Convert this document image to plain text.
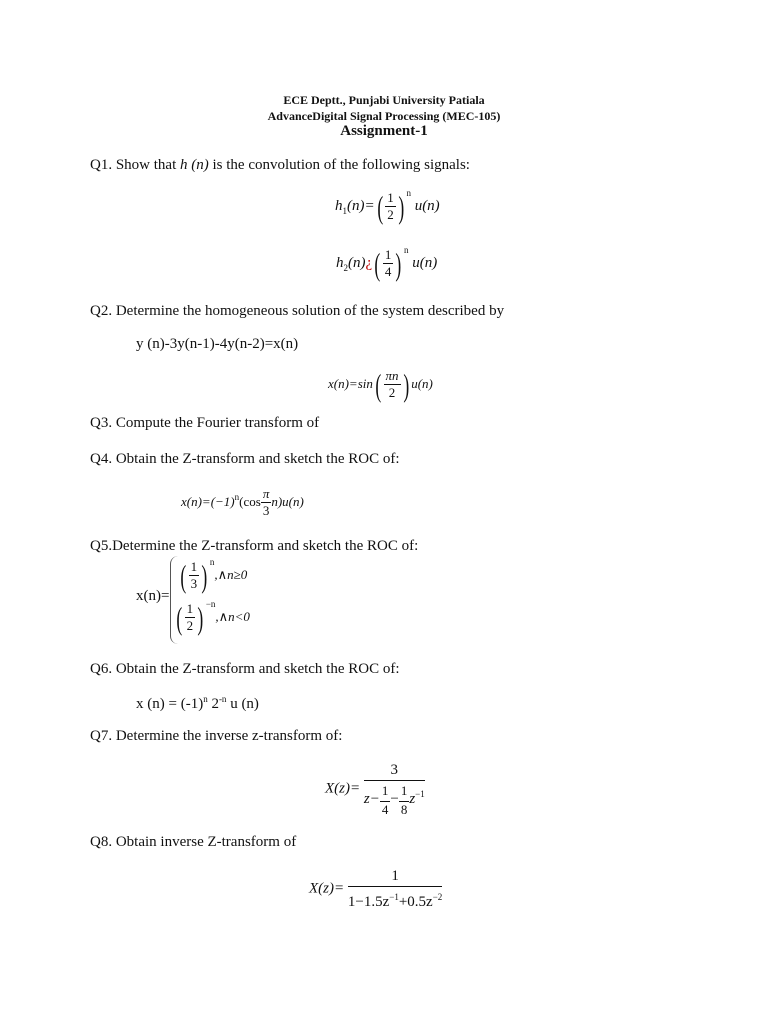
ECE Deptt., Punjabi University Patiala
AdvanceDigital Signal Processing (MEC-105)
Assignment-1
Q1. Show that h (n) is the convolution of the following signals:
$h_1(n)=( \frac{1}{2}$ ) $^n$ u(n)
$h_2(n)¿( \frac{1}{4}$ ) $^n$ u(n)
Q2. Determine the homogeneous solution of the system described by
y (n)-3y(n-1)-4y(n-2)=x(n)
$x(n)=\sin( \frac{\pi n}{2}$ ) u(n)
Q3. Compute the Fourier transform of
Q4. Obtain the Z-transform and sketch the ROC of:
$x(n)=(-1)^n(\cos \frac{\pi}{3} n)u(n)$
Q5.Determine the Z-transform and sketch the ROC of:
x(n)=
( $\frac{1}{3}$ ) $^n$,∧n≥0
( $\frac{1}{2}$ ) $^{-n}$,∧n<0
Q6. Obtain the Z-transform and sketch the ROC of:
x $(n) = (-1)^n$ $2^{-n}$ u (n)
Q7. Determine the inverse z-transform of:
$X(z)= \frac{3}{z- \frac{1}{4} - \frac{1}{8} z^{-1}}$
Q8. Obtain inverse Z-transform of
$X(z)= \frac{1}{1-1.5z^{-1}+0.5z^{-2}}$
